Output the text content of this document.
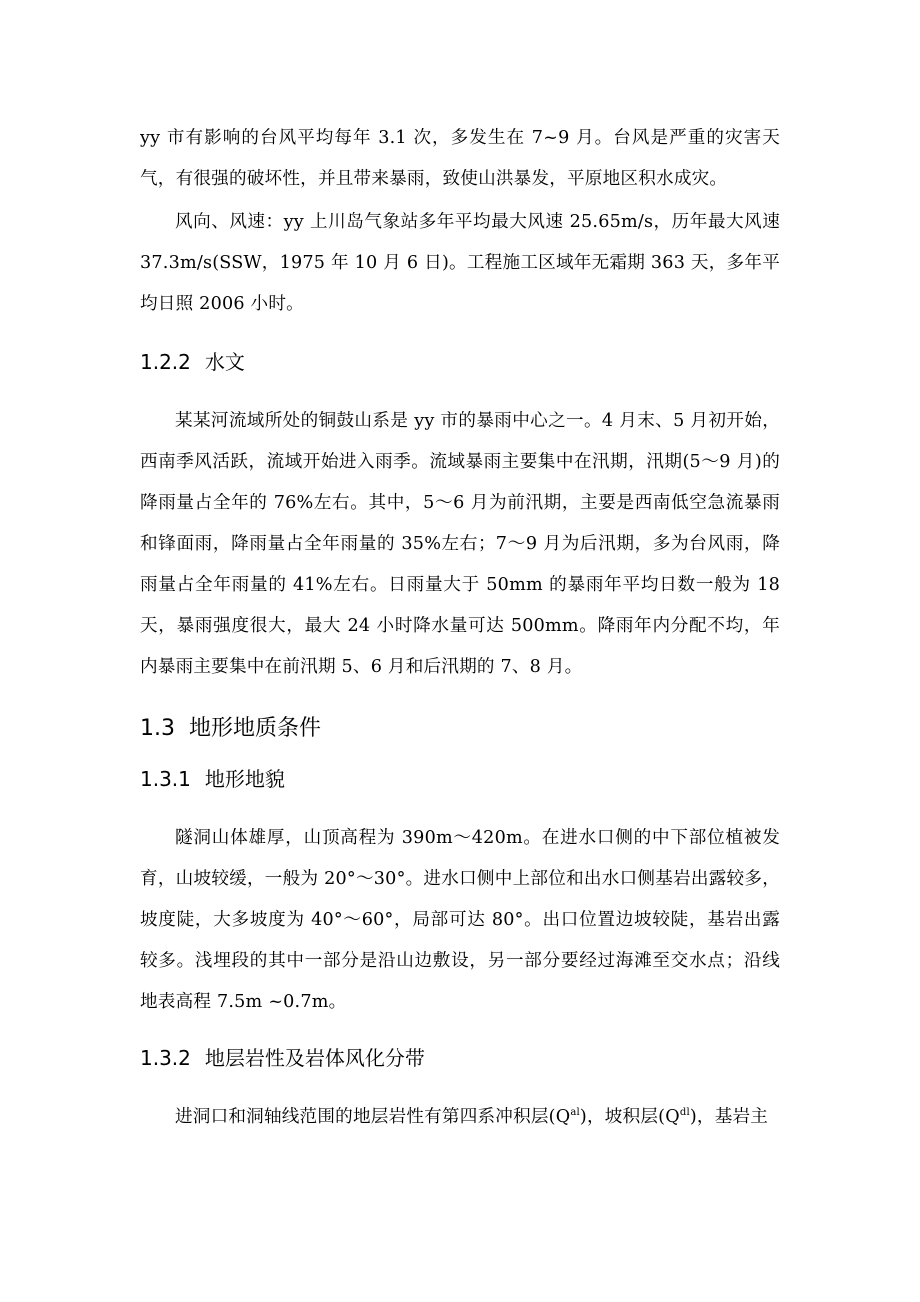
yy 市有影响的台风平均每年 3.1 次，多发生在 7~9 月。台风是严重的灾害天气，有很强的破坏性，并且带来暴雨，致使山洪暴发，平原地区积水成灾。

风向、风速：yy 上川岛气象站多年平均最大风速 25.65m/s，历年最大风速 37.3m/s(SSW，1975 年 10 月 6 日)。工程施工区域年无霜期 363 天，多年平均日照 2006 小时。

1.2.2 水文

某某河流域所处的铜鼓山系是 yy 市的暴雨中心之一。4 月末、5 月初开始，西南季风活跃，流域开始进入雨季。流域暴雨主要集中在汛期，汛期(5～9 月)的降雨量占全年的 76%左右。其中，5～6 月为前汛期，主要是西南低空急流暴雨和锋面雨，降雨量占全年雨量的 35%左右；7～9 月为后汛期，多为台风雨，降雨量占全年雨量的 41%左右。日雨量大于 50mm 的暴雨年平均日数一般为 18 天，暴雨强度很大，最大 24 小时降水量可达 500mm。降雨年内分配不均，年内暴雨主要集中在前汛期 5、6 月和后汛期的 7、8 月。

1.3 地形地质条件
1.3.1 地形地貌

隧洞山体雄厚，山顶高程为 390m～420m。在进水口侧的中下部位植被发育，山坡较缓，一般为 20°～30°。进水口侧中上部位和出水口侧基岩出露较多，坡度陡，大多坡度为 40°～60°，局部可达 80°。出口位置边坡较陡，基岩出露较多。浅埋段的其中一部分是沿山边敷设，另一部分要经过海滩至交水点；沿线地表高程 7.5m ~0.7m。

1.3.2 地层岩性及岩体风化分带

进洞口和洞轴线范围的地层岩性有第四系冲积层$(Q^{al})$，坡积层$(Q^{dl})$，基岩主
